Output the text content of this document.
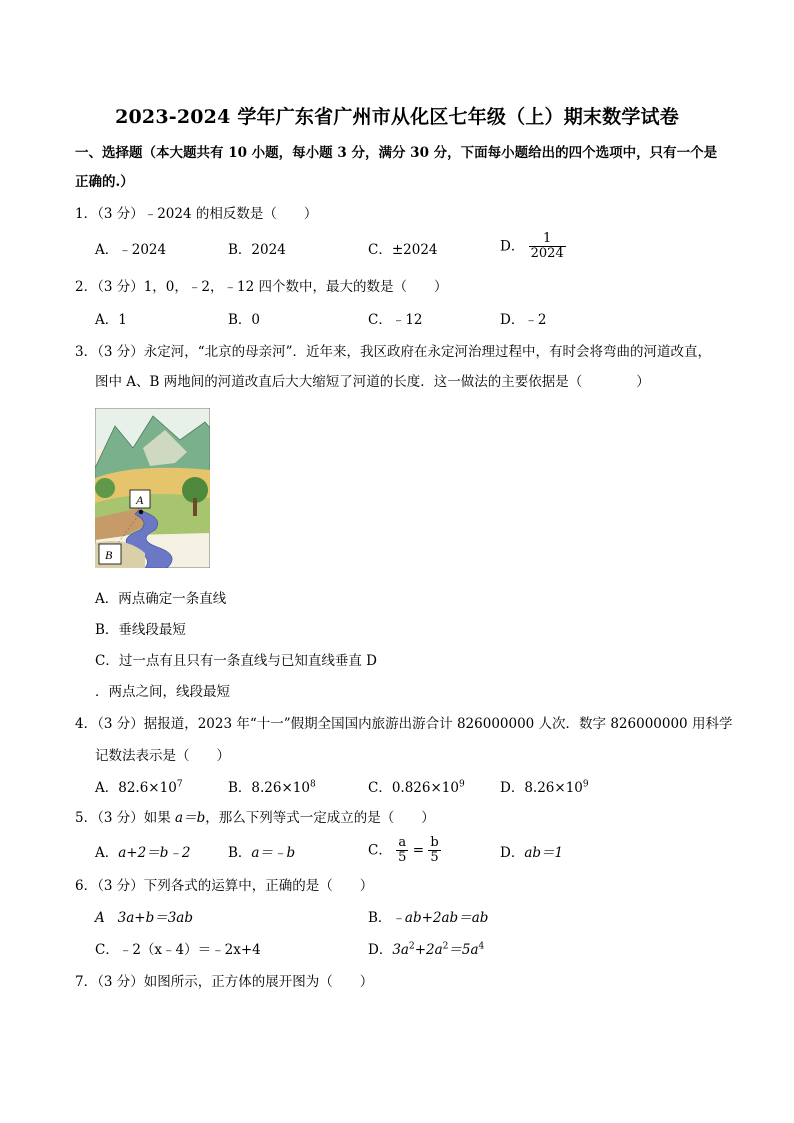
2023-2024 学年广东省广州市从化区七年级（上）期末数学试卷
一、选择题（本大题共有 10 小题，每小题 3 分，满分 30 分，下面每小题给出的四个选项中，只有一个是
正确的.）
1．（3 分）﹣2024 的相反数是（　　）
A．﹣2024	B．2024	C．±2024	D． $\frac{1}{2024}$
2．（3 分）1，0，﹣2，﹣12 四个数中，最大的数是（　　）
A．1	B．0	C．﹣12	D．﹣2
3．（3 分）永定河，“北京的母亲河”．近年来，我区政府在永定河治理过程中，有时会将弯曲的河道改直，
图中 A、B 两地间的河道改直后大大缩短了河道的长度．这一做法的主要依据是（　　　　）
A
B
A．两点确定一条直线
B．垂线段最短
C．过一点有且只有一条直线与已知直线垂直 D
．两点之间，线段最短
4．（3 分）据报道，2023 年“十一”假期全国国内旅游出游合计 826000000 人次．数字 826000000 用科学
记数法表示是（　　）
A．$82.6\times 10^7$	B．$8.26\times 10^8$	C．$0.826\times 10^9$	D．$8.26\times 10^9$
5．（3 分）如果 a＝b，那么下列等式一定成立的是（　　）
A．a+2＝b﹣2	B．a＝﹣b	C． $\frac{a}{5} = \frac{b}{5}$	D．ab＝1
6．（3 分）下列各式的运算中，正确的是（　　）
A 3a+b＝3ab	B．﹣ab+2ab＝ab
C．﹣2（x﹣4）＝﹣2x+4	D．$3a^2+2a^2=5a^4$
7．（3 分）如图所示，正方体的展开图为（　　）
